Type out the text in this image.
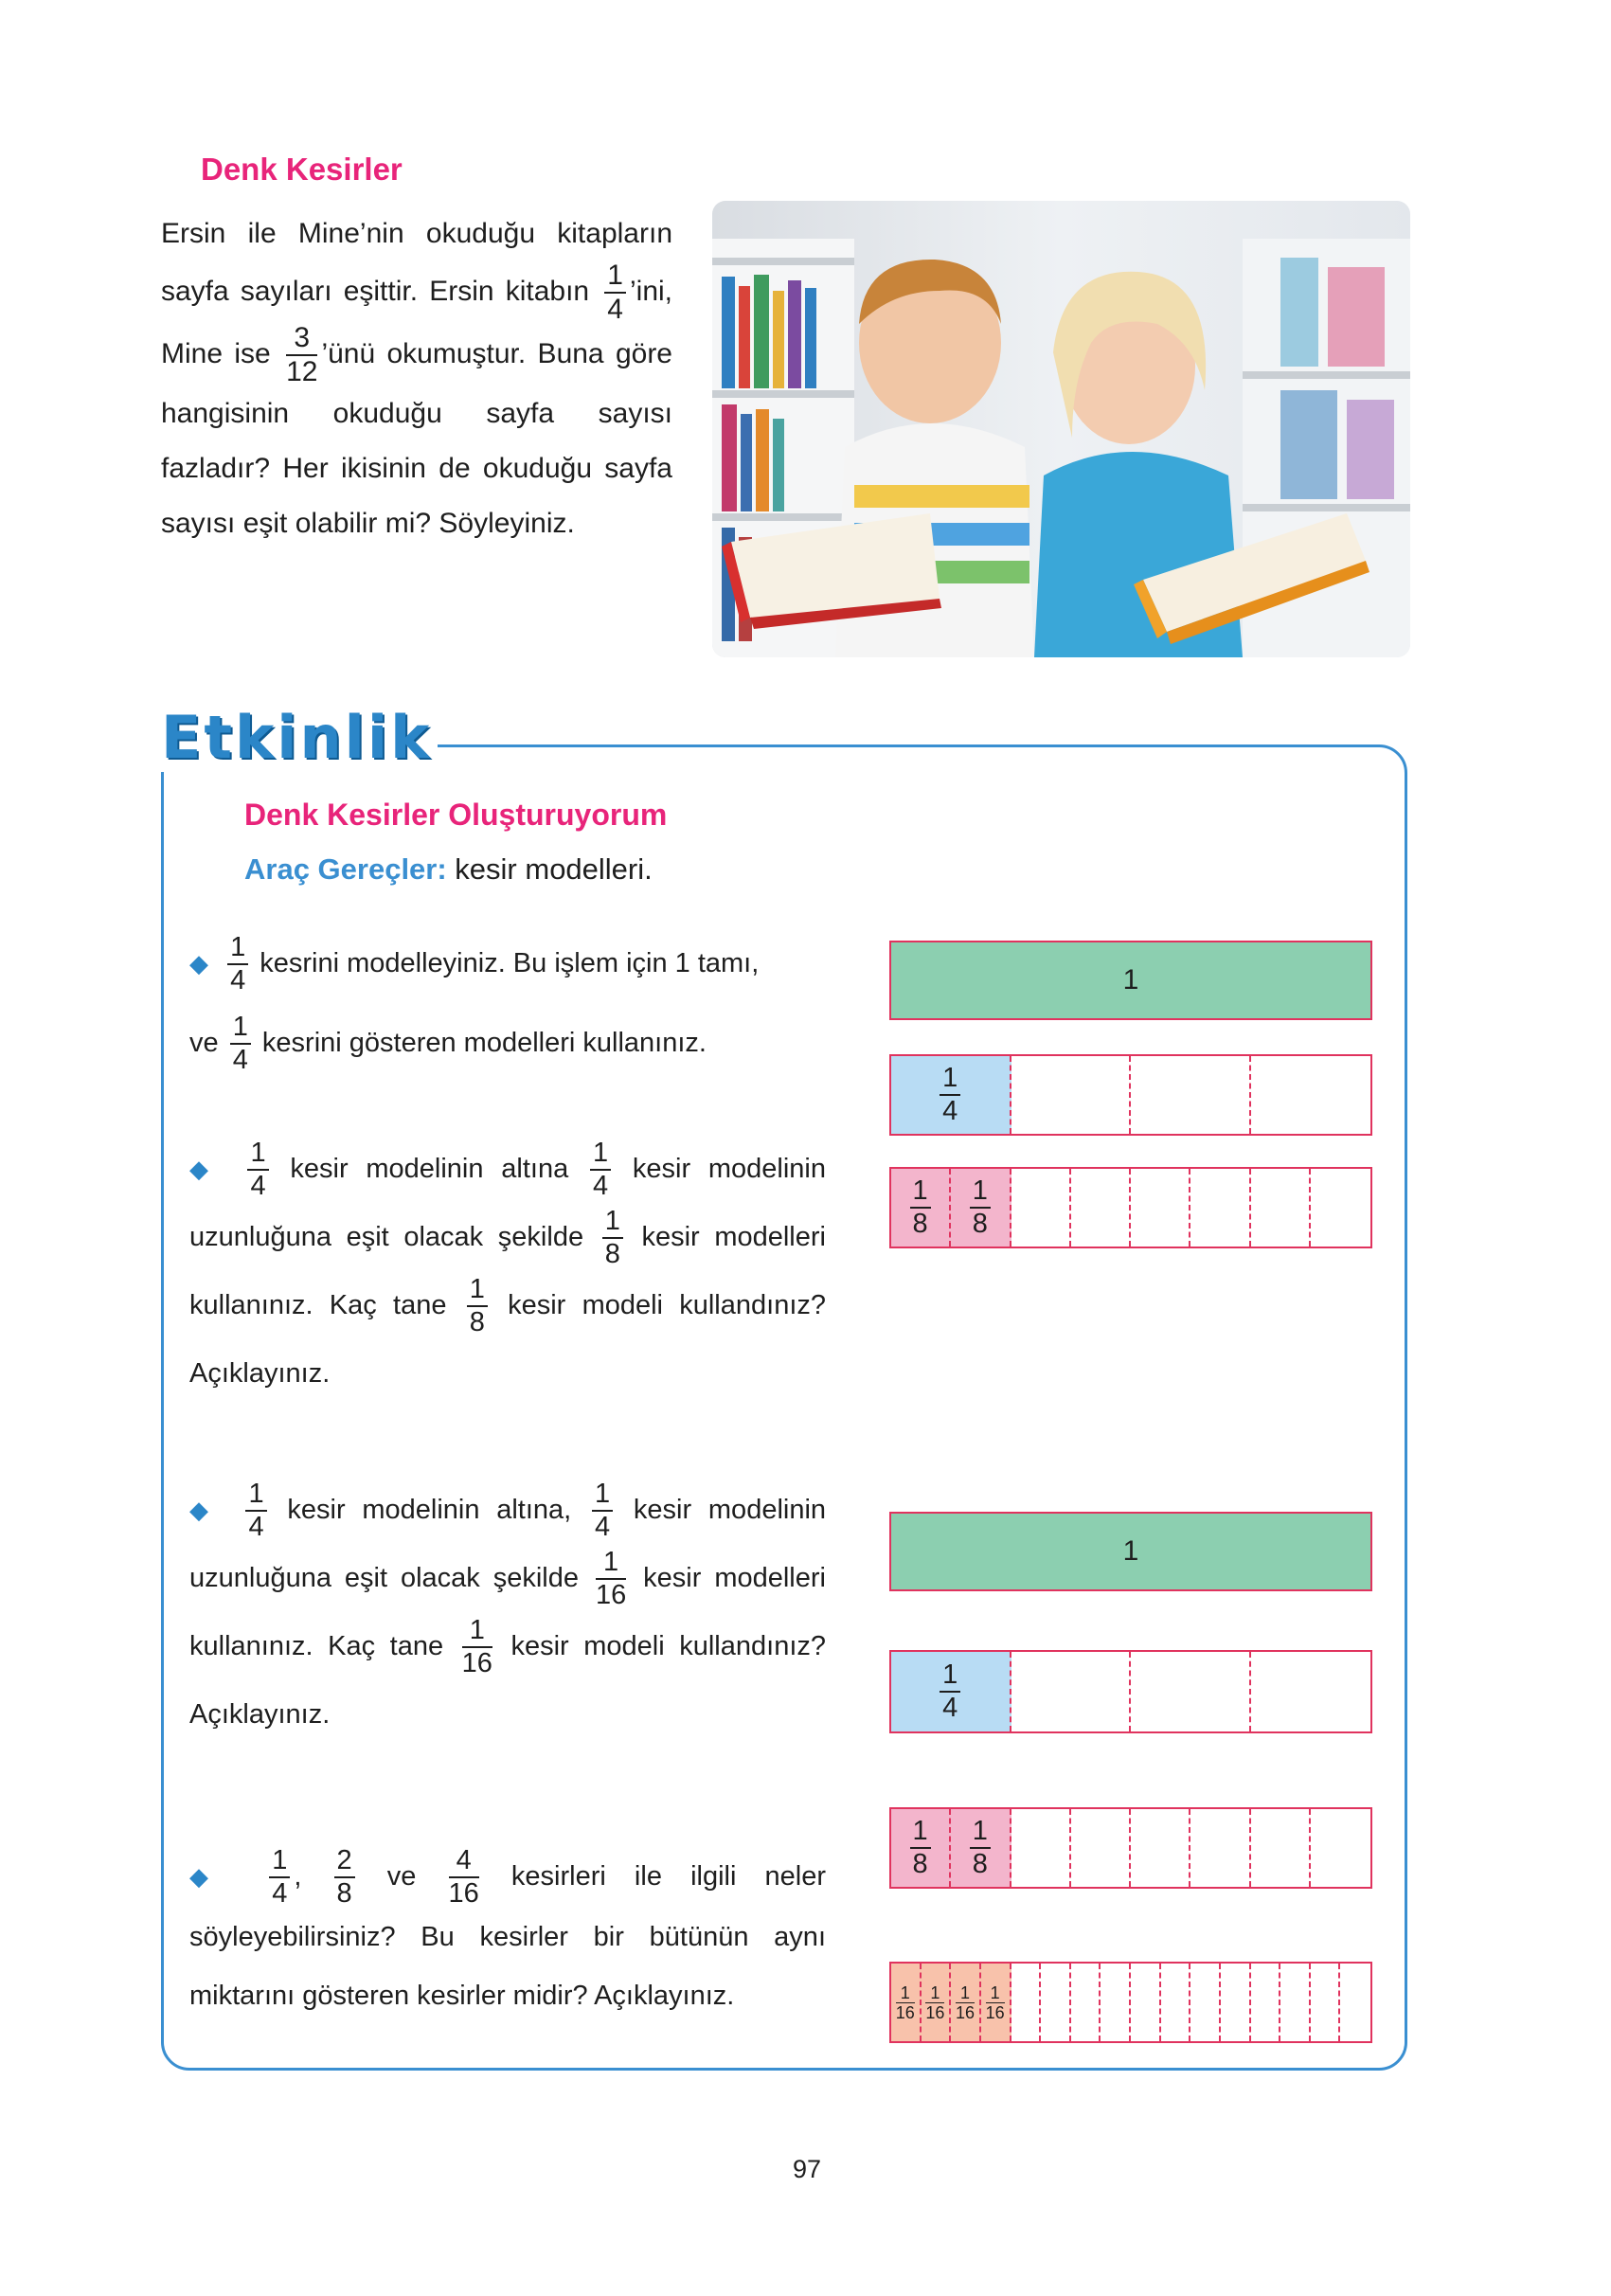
Denk Kesirler
Ersin ile Mine’nin okuduğu kitapların sayfa sayıları eşittir. Ersin kitabın $\frac{1}{4}$ ’ini, Mine ise $\frac{3}{12}$ ’ünü okumuştur. Buna göre hangisinin okuduğu sayfa sayısı fazladır? Her ikisinin de okuduğu sayfa sayısı eşit olabilir mi? Söyleyiniz.
Etkinlik
Denk Kesirler Oluşturuyorum
Araç Gereçler: kesir modelleri.
◆ $\frac{1}{4}$ kesrini modelleyiniz. Bu işlem için 1 tamı,
ve $\frac{1}{4}$ kesrini gösteren modelleri kullanınız.
◆ $\frac{1}{4}$ kesir modelinin altına $\frac{1}{4}$ kesir modelinin uzunluğuna eşit olacak şekilde $\frac{1}{8}$ kesir modelleri kullanınız. Kaç tane $\frac{1}{8}$ kesir modeli kullandınız? Açıklayınız.
◆ $\frac{1}{4}$ kesir modelinin altına, $\frac{1}{4}$ kesir modelinin uzunluğuna eşit olacak şekilde $\frac{1}{16}$ kesir modelleri kullanınız. Kaç tane $\frac{1}{16}$ kesir modeli kullandınız? Açıklayınız.
◆ $\frac{1}{4}$ , $\frac{2}{8}$ ve $\frac{4}{16}$ kesirleri ile ilgili neler söyleyebilirsiniz? Bu kesirler bir bütünün aynı miktarını gösteren kesirler midir? Açıklayınız.
1
$\frac{1}{4}$
$\frac{1}{8} \frac{1}{8}$
1
$\frac{1}{4}$
$\frac{1}{8} \frac{1}{8}$
$\frac{1}{16} \frac{1}{16} \frac{1}{16} \frac{1}{16}$
97
